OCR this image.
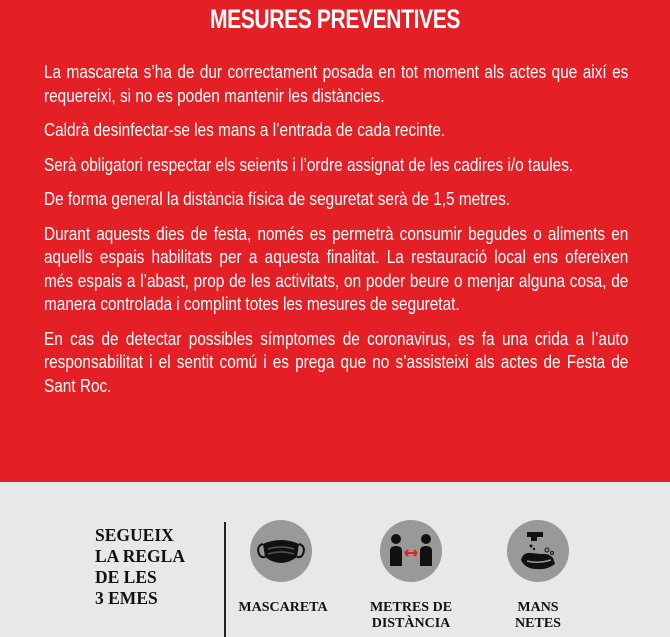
MESURES PREVENTIVES

La mascareta s’ha de dur correctament posada en tot moment als actes que així es requereixi, si no es poden mantenir les distàncies.

Caldrà desinfectar-se les mans a l’entrada de cada recinte.

Serà obligatori respectar els seients i l’ordre assignat de les cadires i/o taules.

De forma general la distància física de seguretat serà de 1,5 metres.

Durant aquests dies de festa, només es permetrà consumir begudes o aliments en aquells espais habilitats per a aquesta finalitat. La restauració local ens ofereixen més espais a l’abast, prop de les activitats, on poder beure o menjar alguna cosa, de manera controlada i complint totes les mesures de seguretat.

En cas de detectar possibles símptomes de coronavirus, es fa una crida a l’auto responsabilitat i el sentit comú i es prega que no s’assisteixi als actes de Festa de Sant Roc.

SEGUEIX
LA REGLA
DE LES
3 EMES	MASCARETA	METRES DE
DISTÀNCIA
MANS
NETES
